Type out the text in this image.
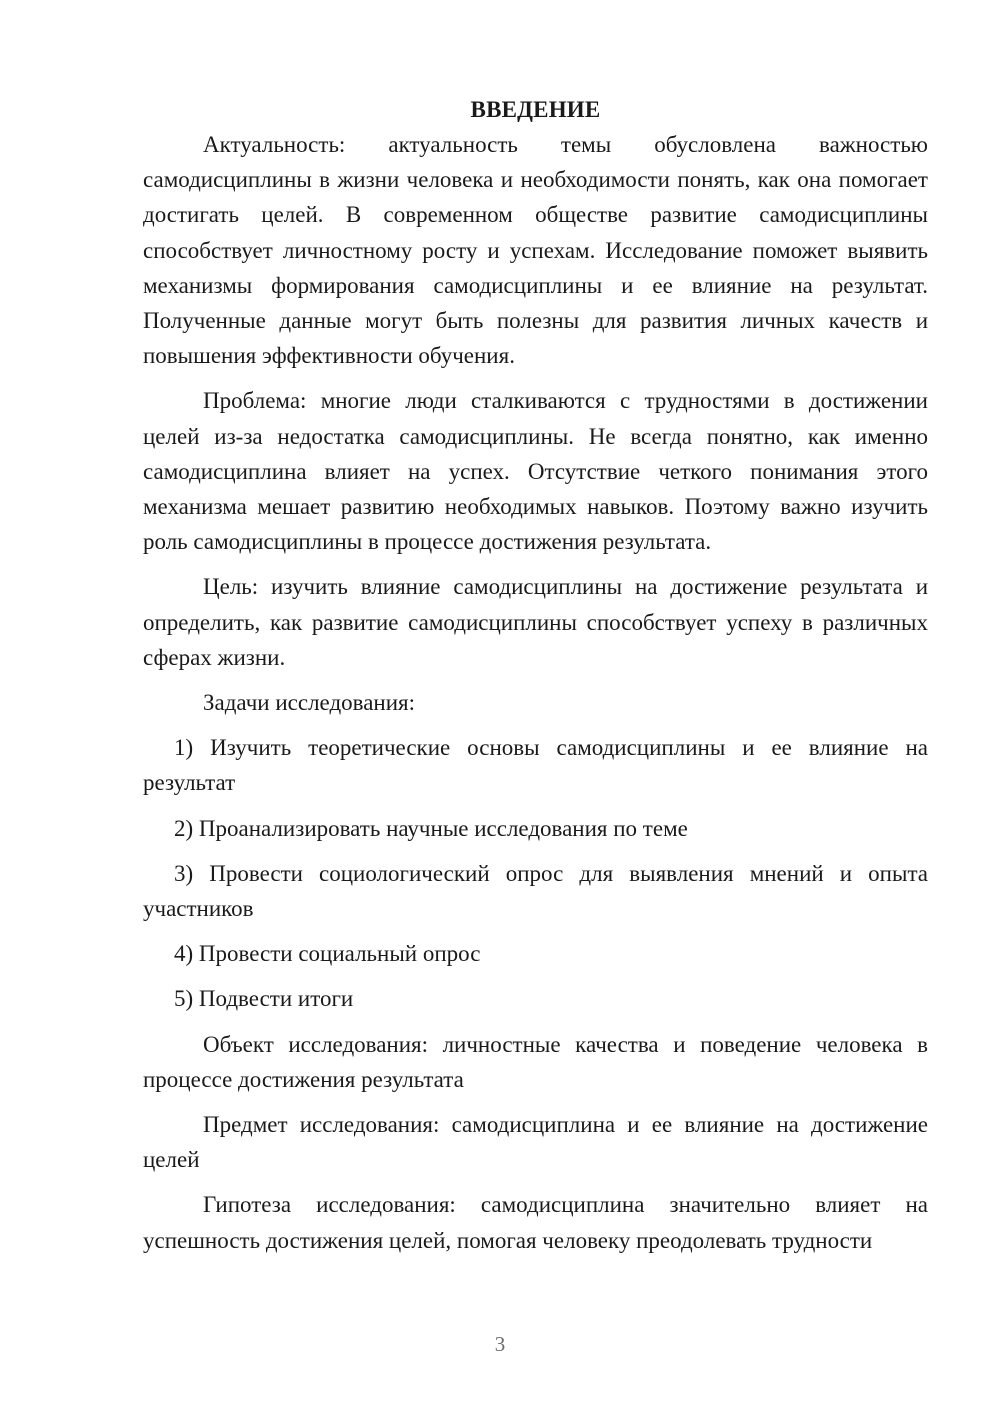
ВВЕДЕНИЕ

Актуальность: актуальность темы обусловлена важностью самодисциплины в жизни человека и необходимости понять, как она помогает достигать целей. В современном обществе развитие самодисциплины способствует личностному росту и успехам. Исследование поможет выявить механизмы формирования самодисциплины и ее влияние на результат. Полученные данные могут быть полезны для развития личных качеств и повышения эффективности обучения.

Проблема: многие люди сталкиваются с трудностями в достижении целей из-за недостатка самодисциплины. Не всегда понятно, как именно самодисциплина влияет на успех. Отсутствие четкого понимания этого механизма мешает развитию необходимых навыков. Поэтому важно изучить роль самодисциплины в процессе достижения результата.

Цель: изучить влияние самодисциплины на достижение результата и определить, как развитие самодисциплины способствует успеху в различных сферах жизни.

Задачи исследования:

1) Изучить теоретические основы самодисциплины и ее влияние на результат

2) Проанализировать научные исследования по теме

3) Провести социологический опрос для выявления мнений и опыта участников

4) Провести социальный опрос

5) Подвести итоги

Объект исследования: личностные качества и поведение человека в процессе достижения результата

Предмет исследования: самодисциплина и ее влияние на достижение целей

Гипотеза исследования: самодисциплина значительно влияет на успешность достижения целей, помогая человеку преодолевать трудности

3
